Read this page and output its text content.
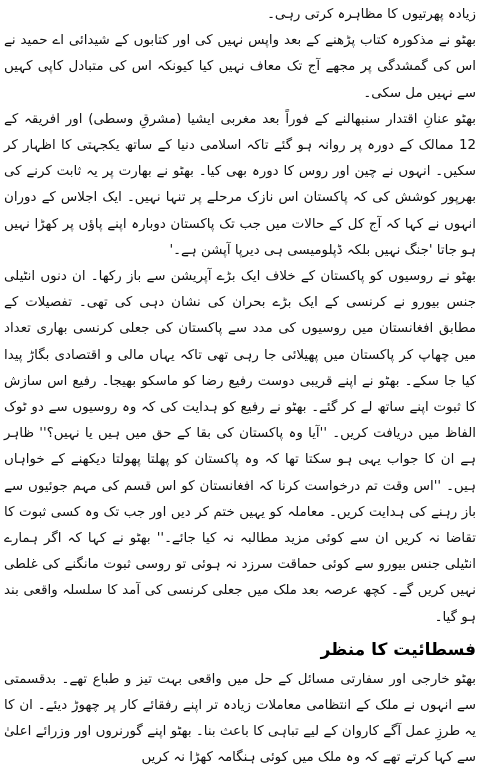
زیادہ پھرتیوں کا مظاہرہ کرتی رہی۔

بھٹو نے مذکورہ کتاب پڑھنے کے بعد واپس نہیں کی اور کتابوں کے شیدائی اے حمید نے اس کی گمشدگی پر مجھے آج تک معاف نہیں کیا کیونکہ اس کی متبادل کاپی کہیں سے نہیں مل سکی۔

بھٹو عنانِ اقتدار سنبھالنے کے فوراً بعد مغربی ایشیا (مشرقِ وسطی) اور افریقہ کے 12 ممالک کے دورہ پر روانہ ہو گئے تاکہ اسلامی دنیا کے ساتھ یکجہتی کا اظہار کر سکیں۔ انہوں نے چین اور روس کا دورہ بھی کیا۔ بھٹو نے بھارت پر یہ ثابت کرنے کی بھرپور کوشش کی کہ پاکستان اس نازک مرحلے پر تنہا نہیں۔ ایک اجلاس کے دوران انہوں نے کہا کہ آج کل کے حالات میں جب تک پاکستان دوبارہ اپنے پاؤں پر کھڑا نہیں ہو جاتا 'جنگ نہیں بلکہ ڈپلومیسی ہی دیرپا آپشن ہے۔'

بھٹو نے روسیوں کو پاکستان کے خلاف ایک بڑے آپریشن سے باز رکھا۔ ان دنوں انٹیلی جنس بیورو نے کرنسی کے ایک بڑے بحران کی نشان دہی کی تھی۔ تفصیلات کے مطابق افغانستان میں روسیوں کی مدد سے پاکستان کی جعلی کرنسی بھاری تعداد میں چھاپ کر پاکستان میں پھیلائی جا رہی تھی تاکہ یہاں مالی و اقتصادی بگاڑ پیدا کیا جا سکے۔ بھٹو نے اپنے قریبی دوست رفیع رضا کو ماسکو بھیجا۔ رفیع اس سازش کا ثبوت اپنے ساتھ لے کر گئے۔ بھٹو نے رفیع کو ہدایت کی کہ وہ روسیوں سے دو ٹوک الفاظ میں دریافت کریں۔ ''آیا وہ پاکستان کی بقا کے حق میں ہیں یا نہیں؟'' ظاہر ہے ان کا جواب یہی ہو سکتا تھا کہ وہ پاکستان کو پھلتا پھولتا دیکھنے کے خواہاں ہیں۔ ''اس وقت تم درخواست کرنا کہ افغانستان کو اس قسم کی مہم جوئیوں سے باز رہنے کی ہدایت کریں۔ معاملہ کو یہیں ختم کر دیں اور جب تک وہ کسی ثبوت کا تقاضا نہ کریں ان سے کوئی مزید مطالبہ نہ کیا جائے۔'' بھٹو نے کہا کہ اگر ہمارے انٹیلی جنس بیورو سے کوئی حماقت سرزد نہ ہوئی تو روسی ثبوت مانگنے کی غلطی نہیں کریں گے۔ کچھ عرصہ بعد ملک میں جعلی کرنسی کی آمد کا سلسلہ واقعی بند ہو گیا۔

فسطائیت کا منظر

بھٹو خارجی اور سفارتی مسائل کے حل میں واقعی بہت تیز و طباع تھے۔ بدقسمتی سے انہوں نے ملک کے انتظامی معاملات زیادہ تر اپنے رفقائے کار پر چھوڑ دیئے۔ ان کا یہ طرزِ عمل آگے کاروان کے لیے تباہی کا باعث بنا۔ بھٹو اپنے گورنروں اور وزرائے اعلیٰ سے کہا کرتے تھے کہ وہ ملک میں کوئی ہنگامہ کھڑا نہ کریں
